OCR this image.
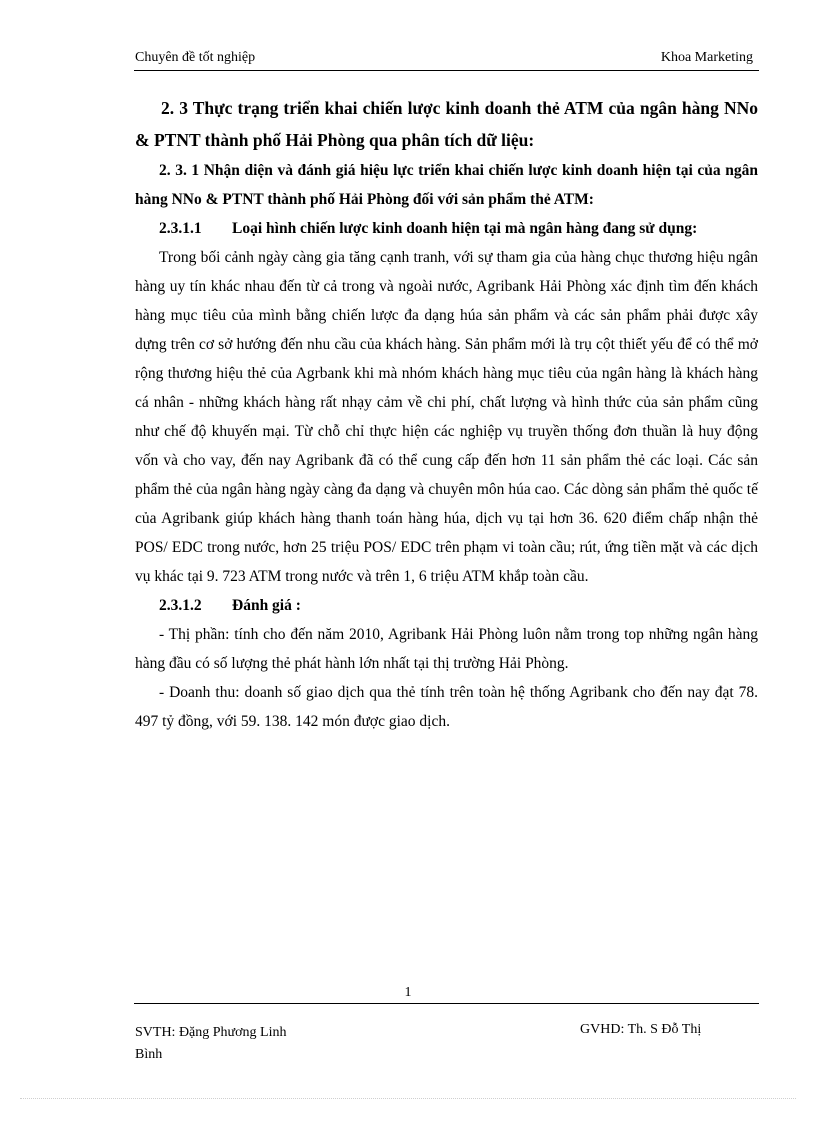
Chuyên đề tốt nghiệp	Khoa Marketing

2. 3 Thực trạng triển khai chiến lược kinh doanh thẻ ATM của ngân hàng NNo & PTNT thành phố Hải Phòng qua phân tích dữ liệu:

2. 3. 1 Nhận diện và đánh giá hiệu lực triển khai chiến lược kinh doanh hiện tại của ngân hàng NNo & PTNT thành phố Hải Phòng đối với sản phẩm thẻ ATM:

2.3.1.1 Loại hình chiến lược kinh doanh hiện tại mà ngân hàng đang sử dụng:

Trong bối cảnh ngày càng gia tăng cạnh tranh, với sự tham gia của hàng chục thương hiệu ngân hàng uy tín khác nhau đến từ cả trong và ngoài nước, Agribank Hải Phòng xác định tìm đến khách hàng mục tiêu của mình bằng chiến lược đa dạng húa sản phẩm và các sản phẩm phải được xây dựng trên cơ sở hướng đến nhu cầu của khách hàng. Sản phẩm mới là trụ cột thiết yếu để có thể mở rộng thương hiệu thẻ của Agrbank khi mà nhóm khách hàng mục tiêu của ngân hàng là khách hàng cá nhân - những khách hàng rất nhạy cảm về chi phí, chất lượng và hình thức của sản phẩm cũng như chế độ khuyến mại. Từ chỗ chỉ thực hiện các nghiệp vụ truyền thống đơn thuần là huy động vốn và cho vay, đến nay Agribank đã có thể cung cấp đến hơn 11 sản phẩm thẻ các loại. Các sản phẩm thẻ của ngân hàng ngày càng đa dạng và chuyên môn húa cao. Các dòng sản phẩm thẻ quốc tế của Agribank giúp khách hàng thanh toán hàng húa, dịch vụ tại hơn 36. 620 điểm chấp nhận thẻ POS/ EDC trong nước, hơn 25 triệu POS/ EDC trên phạm vi toàn cầu; rút, ứng tiền mặt và các dịch vụ khác tại 9. 723 ATM trong nước và trên 1, 6 triệu ATM khắp toàn cầu.

2.3.1.2 Đánh giá :

- Thị phần: tính cho đến năm 2010, Agribank Hải Phòng luôn nằm trong top những ngân hàng hàng đầu có số lượng thẻ phát hành lớn nhất tại thị trường Hải Phòng.

- Doanh thu: doanh số giao dịch qua thẻ tính trên toàn hệ thống Agribank cho đến nay đạt 78. 497 tỷ đồng, với 59. 138. 142 món được giao dịch.

1
SVTH: Đặng Phương Linh
Bình
GVHD: Th. S Đỗ Thị
